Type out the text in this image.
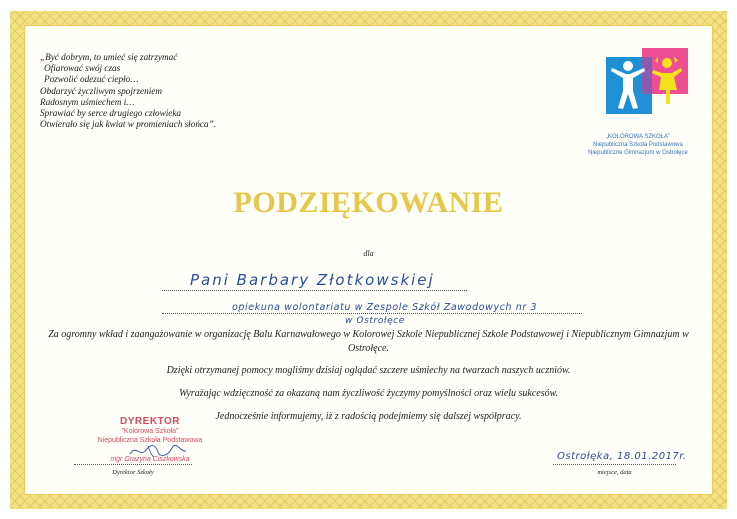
„Być dobrym, to umieć się zatrzymać
Ofiarować swój czas
Pozwolić odezuć ciepło…
Obdarzyć życzliwym spojrzeniem
Radosnym uśmiechem i…
Sprawiać by serce drugiego człowieka
Otwierało się jak kwiat w promieniach słońca”.
„KOLOROWA SZKOŁA”
Niepubliczna Szkoła Podstawowa
Niepubliczne Gimnazjum w Ostrołęce
PODZIĘKOWANIE
dla
Pani Barbary Złotkowskiej
opiekuna wolontariatu w Zespole Szkół Zawodowych nr 3
w Ostrołęce
Za ogromny wkład i zaangażowanie w organizację Balu Karnawałowego w Kolorowej Szkole Niepublicznej Szkole Podstawowej i Niepublicznym Gimnazjum w Ostrołęce.
Dzięki otrzymanej pomocy mogliśmy dzisiaj oglądać szczere uśmiechy na twarzach naszych uczniów.
Wyrażając wdzięczność za okazaną nam życzliwość życzymy pomyślności oraz wielu sukcesów.
Jednocześnie informujemy, iż z radością podejmiemy się dalszej współpracy.
DYREKTOR
"Kolorowa Szkoła"
Niepubliczna Szkoła Podstawowa
mgr Grażyna Ciszkowska
Dyrektor Szkoły
Ostrołęka, 18.01.2017r.
miejsce, data
